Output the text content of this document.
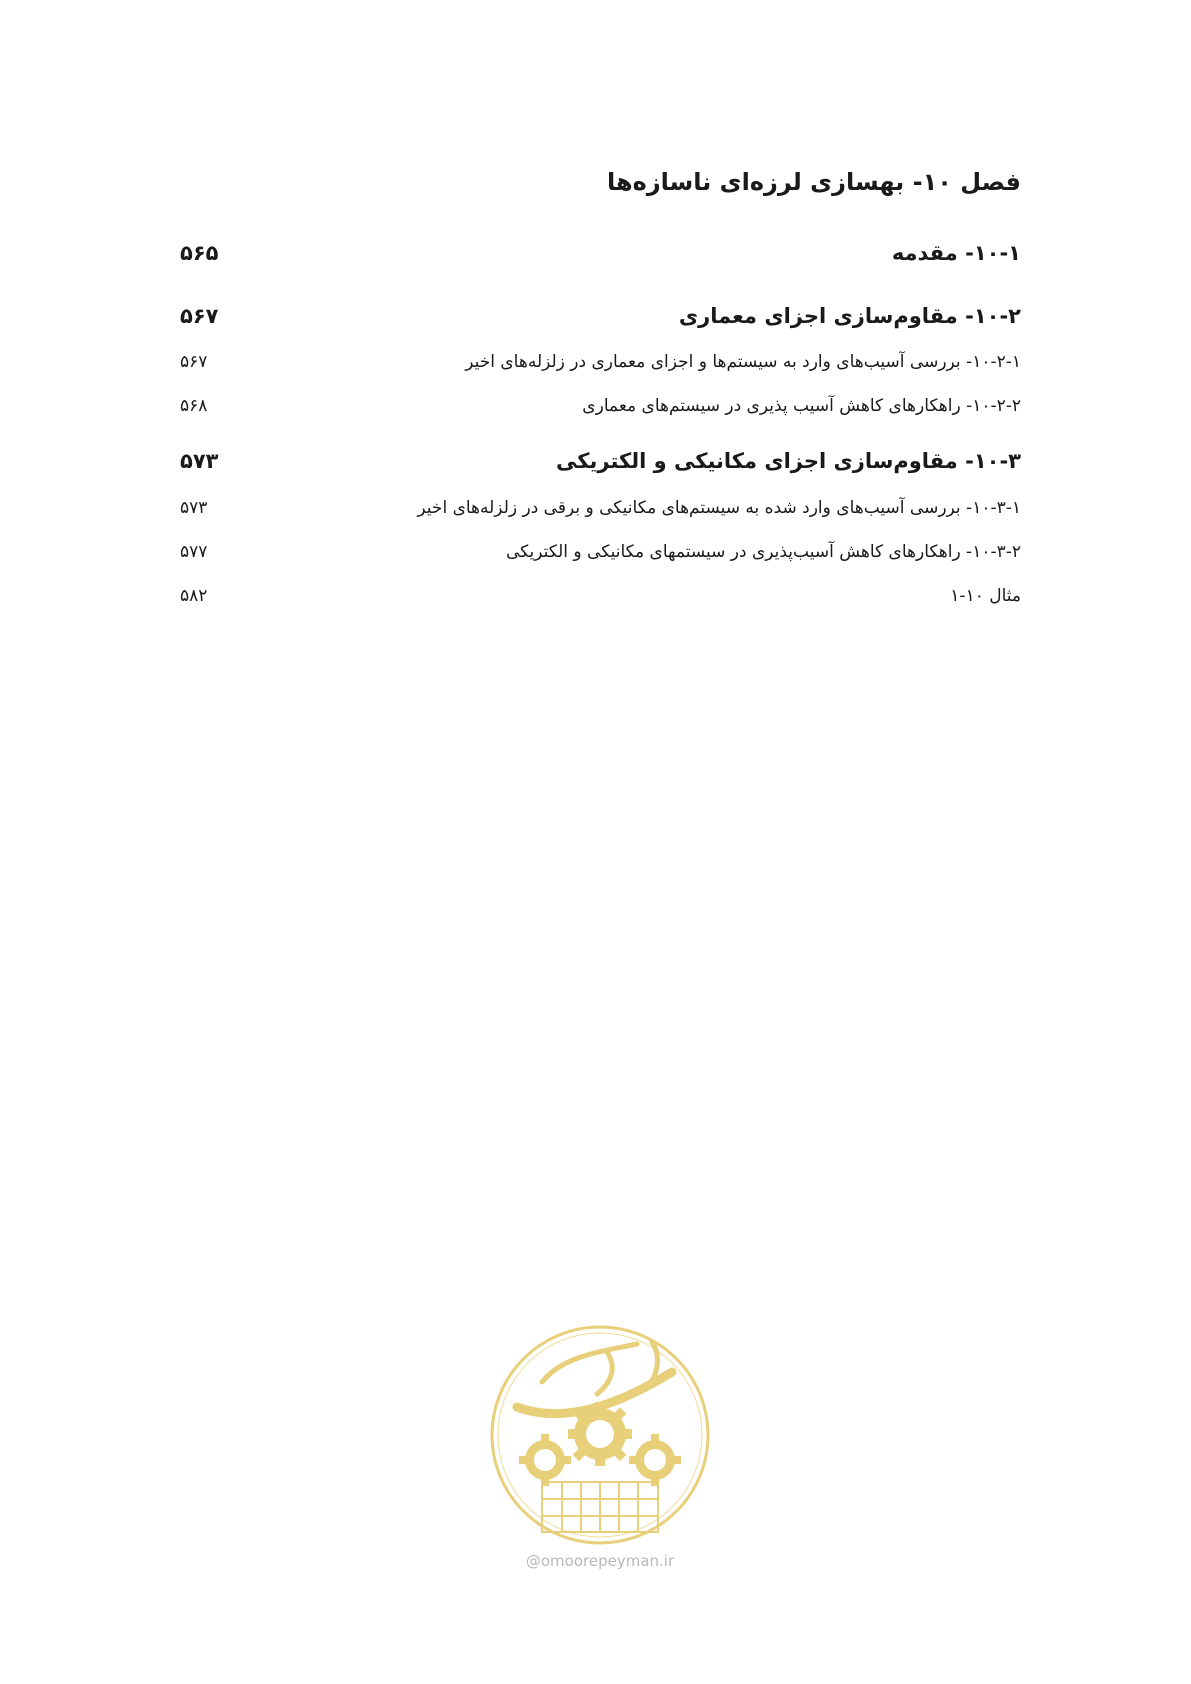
فصل ۱۰- بهسازی لرزه‌ای ناسازه‌ها
۱۰-۱- مقدمه
۵۶۵
۱۰-۲- مقاوم‌سازی اجزای معماری
۵۶۷
۱۰-۲-۱- بررسی آسیب‌های وارد به سیستم‌ها و اجزای معماری در زلزله‌های اخیر
۵۶۷
۱۰-۲-۲- راهکارهای کاهش آسیب پذیری در سیستم‌های معماری
۵۶۸
۱۰-۳- مقاوم‌سازی اجزای مکانیکی و الکتریکی
۵۷۳
۱۰-۳-۱- بررسی آسیب‌های وارد شده به سیستم‌های مکانیکی و برقی در زلزله‌های اخیر
۵۷۳
۱۰-۳-۲- راهکارهای کاهش آسیب‌پذیری در سیستمهای مکانیکی و الکتریکی
۵۷۷
مثال ۱۰-۱
۵۸۲
@omoorepeyman.ir
